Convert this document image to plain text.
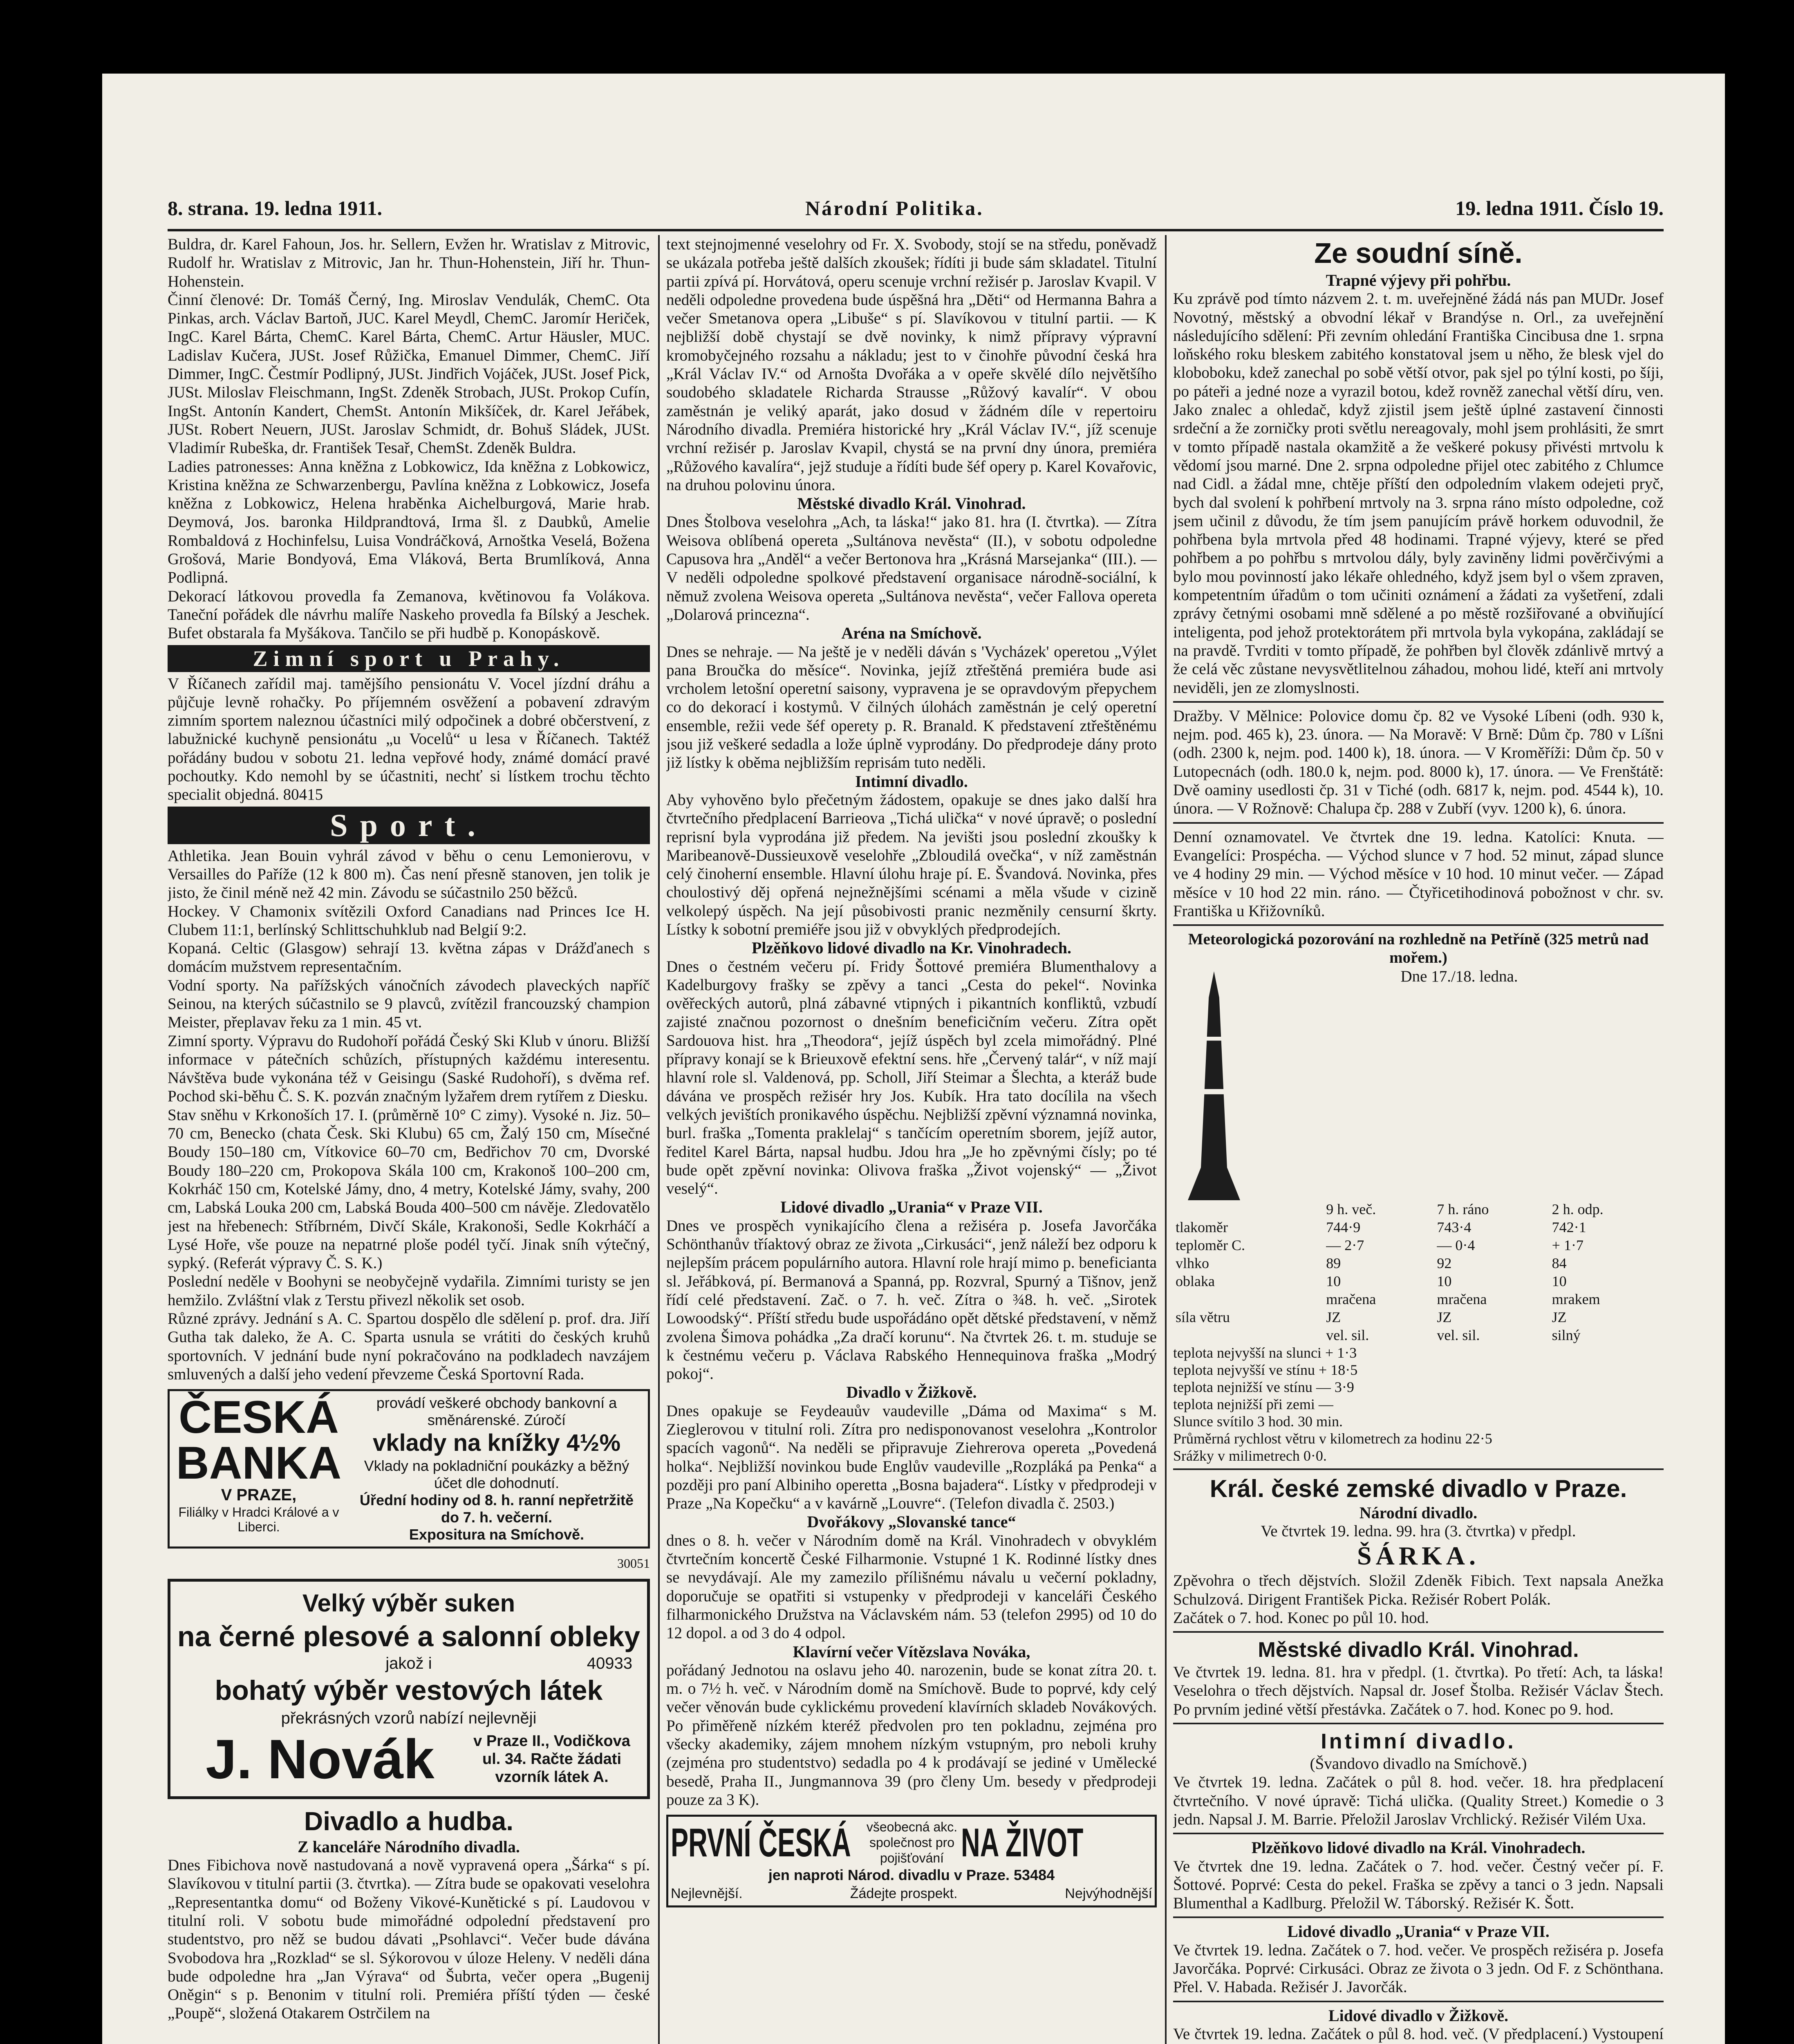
8. strana. 19. ledna 1911.	Národní Politika.	19. ledna 1911. Číslo 19.

Buldra, dr. Karel Fahoun, Jos. hr. Sellern, Evžen hr. Wratislav z Mitrovic, Rudolf hr. Wratislav z Mitrovic, Jan hr. Thun-Hohenstein, Jiří hr. Thun-Hohenstein.

Činní členové: Dr. Tomáš Černý, Ing. Miroslav Vendulák, ChemC. Ota Pinkas, arch. Václav Bartoň, JUC. Karel Meydl, ChemC. Jaromír Heriček, IngC. Karel Bárta, ChemC. Karel Bárta, ChemC. Artur Häusler, MUC. Ladislav Kučera, JUSt. Josef Růžička, Emanuel Dimmer, ChemC. Jiří Dimmer, IngC. Čestmír Podlipný, JUSt. Jindřich Vojáček, JUSt. Josef Pick, JUSt. Miloslav Fleischmann, IngSt. Zdeněk Strobach, JUSt. Prokop Cufín, IngSt. Antonín Kandert, ChemSt. Antonín Mikšíček, dr. Karel Jeřábek, JUSt. Robert Neuern, JUSt. Jaroslav Schmidt, dr. Bohuš Sládek, JUSt. Vladimír Rubeška, dr. František Tesař, ChemSt. Zdeněk Buldra.

Ladies patronesses: Anna kněžna z Lobkowicz, Ida kněžna z Lobkowicz, Kristina kněžna ze Schwarzenbergu, Pavlína kněžna z Lobkowicz, Josefa kněžna z Lobkowicz, Helena hraběnka Aichelburgová, Marie hrab. Deymová, Jos. baronka Hildprandtová, Irma šl. z Daubků, Amelie Rombaldová z Hochinfelsu, Luisa Vondráčková, Arnoštka Veselá, Božena Grošová, Marie Bondyová, Ema Vláková, Berta Brumlíková, Anna Podlipná.

Dekorací látkovou provedla fa Zemanova, květinovou fa Volákova. Taneční pořádek dle návrhu malíře Naskeho provedla fa Bílský a Jeschek. Bufet obstarala fa Myšákova. Tančilo se při hudbě p. Konopáskově.

Zimní sport u Prahy.

V Říčanech zařídil maj. tamějšího pensionátu V. Vocel jízdní dráhu a půjčuje levně rohačky. Po příjemném osvěžení a pobavení zdravým zimním sportem naleznou účastníci milý odpočinek a dobré občerstvení, z labužnické kuchyně pensionátu „u Vocelů“ u lesa v Říčanech. Taktéž pořádány budou v sobotu 21. ledna vepřové hody, známé domácí pravé pochoutky. Kdo nemohl by se účastniti, nechť si lístkem trochu těchto specialit objedná. 80415

Sport.

Athletika. Jean Bouin vyhrál závod v běhu o cenu Lemonierovu, v Versailles do Paříže (12 k 800 m). Čas není přesně stanoven, jen tolik je jisto, že činil méně než 42 min. Závodu se súčastnilo 250 běžců.

Hockey. V Chamonix svítězili Oxford Canadians nad Princes Ice H. Clubem 11:1, berlínský Schlittschuhklub nad Belgií 9:2.

Kopaná. Celtic (Glasgow) sehrají 13. května zápas v Drážďanech s domácím mužstvem representačním.

Vodní sporty. Na pařížských vánočních závodech plaveckých napříč Seinou, na kterých súčastnilo se 9 plavců, zvítězil francouzský champion Meister, přeplavav řeku za 1 min. 45 vt.

Zimní sporty. Výpravu do Rudohoří pořádá Český Ski Klub v únoru. Bližší informace v pátečních schůzích, přístupných každému interesentu. Návštěva bude vykonána též v Geisingu (Saské Rudohoří), s dvěma ref. Pochod ski-běhu Č. S. K. pozván značným lyžařem drem rytířem z Diesku.

Stav sněhu v Krkonoších 17. I. (průměrně 10° C zimy). Vysoké n. Jiz. 50–70 cm, Benecko (chata Česk. Ski Klubu) 65 cm, Žalý 150 cm, Mísečné Boudy 150–180 cm, Vítkovice 60–70 cm, Bedřichov 70 cm, Dvorské Boudy 180–220 cm, Prokopova Skála 100 cm, Krakonoš 100–200 cm, Kokrháč 150 cm, Kotelské Jámy, dno, 4 metry, Kotelské Jámy, svahy, 200 cm, Labská Louka 200 cm, Labská Bouda 400–500 cm návěje. Zledovatělo jest na hřebenech: Stříbrném, Divčí Skále, Krakonoši, Sedle Kokrháčí a Lysé Hoře, vše pouze na nepatrné ploše podél tyčí. Jinak sníh výtečný, sypký. (Referát výpravy Č. S. K.)

Poslední neděle v Boohyni se neobyčejně vydařila. Zimními turisty se jen hemžilo. Zvláštní vlak z Terstu přivezl několik set osob.

Různé zprávy. Jednání s A. C. Spartou dospělo dle sdělení p. prof. dra. Jiří Gutha tak daleko, že A. C. Sparta usnula se vrátiti do českých kruhů sportovních. V jednání bude nyní pokračováno na podkladech navzájem smluvených a další jeho vedení převzeme Česká Sportovní Rada.

ČESKÁ
BANKA
V PRAZE,
Filiálky v Hradci Králové a v Liberci.
provádí veškeré obchody bankovní a směnárenské. Zúročí
vklady na knížky 4½%
Vklady na pokladniční poukázky a běžný účet dle dohodnutí.
Úřední hodiny od 8. h. ranní nepřetržitě do 7. h. večerní.
Expositura na Smíchově.
30051
Velký výběr suken
na černé plesové a salonní obleky
jakož i	40933
bohatý výběr vestových látek
překrásných vzorů nabízí nejlevněji
J. Novák	v Praze II., Vodičkova ul. 34. Račte žádati vzorník látek A.
Divadlo a hudba.
Z kanceláře Národního divadla.

Dnes Fibichova nově nastudovaná a nově vypravená opera „Šárka“ s pí. Slavíkovou v titulní partii (3. čtvrtka). — Zítra bude se opakovati veselohra „Representantka domu“ od Boženy Vikové-Kunětické s pí. Laudovou v titulní roli. V sobotu bude mimořádné odpolední představení pro studentstvo, pro něž se budou dávati „Psohlavci“. Večer bude dávána Svobodova hra „Rozklad“ se sl. Sýkorovou v úloze Heleny. V neděli dána bude odpoledne hra „Jan Výrava“ od Šubrta, večer opera „Bugenij Oněgin“ s p. Benonim v titulní roli. Premiéra příští týden — české „Poupě“, složená Otakarem Ostrčilem na

text stejnojmenné veselohry od Fr. X. Svobody, stojí se na středu, poněvadž se ukázala potřeba ještě dalších zkoušek; řídíti ji bude sám skladatel. Titulní partii zpívá pí. Horvátová, operu scenuje vrchní režisér p. Jaroslav Kvapil. V neděli odpoledne provedena bude úspěšná hra „Děti“ od Hermanna Bahra a večer Smetanova opera „Libuše“ s pí. Slavíkovou v titulní partii. — K nejbližší době chystají se dvě novinky, k nimž přípravy výpravní kromobyčejného rozsahu a nákladu; jest to v činohře původní česká hra „Král Václav IV.“ od Arnošta Dvořáka a v opeře skvělé dílo největšího soudobého skladatele Richarda Strausse „Růžový kavalír“. V obou zaměstnán je veliký aparát, jako dosud v žádném díle v repertoiru Národního divadla. Premiéra historické hry „Král Václav IV.“, jíž scenuje vrchní režisér p. Jaroslav Kvapil, chystá se na první dny února, premiéra „Růžového kavalíra“, jejž studuje a řídíti bude šéf opery p. Karel Kovařovic, na druhou polovinu února.

Městské divadlo Král. Vinohrad.

Dnes Štolbova veselohra „Ach, ta láska!“ jako 81. hra (I. čtvrtka). — Zítra Weisova oblíbená opereta „Sultánova nevěsta“ (II.), v sobotu odpoledne Capusova hra „Anděl“ a večer Bertonova hra „Krásná Marsejanka“ (III.). — V neděli odpoledne spolkové představení organisace národně-sociální, k němuž zvolena Weisova opereta „Sultánova nevěsta“, večer Fallova opereta „Dolarová princezna“.

Aréna na Smíchově.

Dnes se nehraje. — Na ještě je v neděli dáván s 'Vycházek' operetou „Výlet pana Broučka do měsíce“. Novinka, jejíž ztřeštěná premiéra bude asi vrcholem letošní operetní saisony, vypravena je se opravdovým přepychem co do dekorací i kostymů. V čilných úlohách zaměstnán je celý operetní ensemble, režii vede šéf operety p. R. Branald. K představení ztřeštěnému jsou již veškeré sedadla a lože úplně vyprodány. Do předprodeje dány proto již lístky k oběma nejbližším reprisám tuto neděli.

Intimní divadlo.

Aby vyhověno bylo přečetným žádostem, opakuje se dnes jako další hra čtvrtečního předplacení Barrieova „Tichá ulička“ v nové úpravě; o poslední reprisní byla vyprodána již předem. Na jevišti jsou poslední zkoušky k Maribeanově-Dussieuxově veselohře „Zbloudilá ovečka“, v níž zaměstnán celý činoherní ensemble. Hlavní úlohu hraje pí. E. Švandová. Novinka, přes choulostivý děj opřená nejnežnějšími scénami a měla všude v cizině velkolepý úspěch. Na její působivosti pranic nezměnily censurní škrty. Lístky k sobotní premiéře jsou již v obvyklých předprodejích.

Plzěňkovo lidové divadlo na Kr. Vinohradech.

Dnes o čestném večeru pí. Fridy Šottové premiéra Blumenthalovy a Kadelburgovy frašky se zpěvy a tanci „Cesta do pekel“. Novinka ověřeckých autorů, plná zábavné vtipných i pikantních konfliktů, vzbudí zajisté značnou pozornost o dnešním beneficičním večeru. Zítra opět Sardouova hist. hra „Theodora“, jejíž úspěch byl zcela mimořádný. Plné přípravy konají se k Brieuxově efektní sens. hře „Červený talár“, v níž mají hlavní role sl. Valdenová, pp. Scholl, Jiří Steimar a Šlechta, a kteráž bude dávána ve prospěch režisér hry Jos. Kubík. Hra tato docílila na všech velkých jevištích pronikavého úspěchu. Nejbližší zpěvní významná novinka, burl. fraška „Tomenta praklelaj“ s tančícím operetním sborem, jejíž autor, ředitel Karel Bárta, napsal hudbu. Jdou hra „Je ho zpěvnými čísly; po té bude opět zpěvní novinka: Olivova fraška „Život vojenský“ — „Život veselý“.

Lidové divadlo „Urania“ v Praze VII.

Dnes ve prospěch vynikajícího člena a režiséra p. Josefa Javorčáka Schönthanův tříaktový obraz ze života „Cirkusáci“, jenž náleží bez odporu k nejlepším prácem populárního autora. Hlavní role hrají mimo p. beneficianta sl. Jeřábková, pí. Bermanová a Spanná, pp. Rozvral, Spurný a Tišnov, jenž řídí celé představení. Zač. o 7. h. več. Zítra o ¾8. h. več. „Sirotek Lowoodský“. Příští středu bude uspořádáno opět dětské představení, v němž zvolena Šimova pohádka „Za dračí korunu“. Na čtvrtek 26. t. m. studuje se k čestnému večeru p. Václava Rabského Hennequinova fraška „Modrý pokoj“.

Divadlo v Žižkově.

Dnes opakuje se Feydeauův vaudeville „Dáma od Maxima“ s M. Zieglerovou v titulní roli. Zítra pro nedisponovanost veselohra „Kontrolor spacích vagonů“. Na neděli se připravuje Ziehrerova opereta „Povedená holka“. Nejbližší novinkou bude Englův vaudeville „Rozpláká pa Penka“ a později pro paní Albiniho operetta „Bosna bajadera“. Lístky v předprodeji v Praze „Na Kopečku“ a v kavárně „Louvre“. (Telefon divadla č. 2503.)

Dvořákovy „Slovanské tance“

dnes o 8. h. večer v Národním domě na Král. Vinohradech v obvyklém čtvrtečním koncertě České Filharmonie. Vstupné 1 K. Rodinné lístky dnes se nevydávají. Ale my zamezilo přílišnému návalu u večerní pokladny, doporučuje se opatřiti si vstupenky v předprodeji v kanceláři Českého filharmonického Družstva na Václavském nám. 53 (telefon 2995) od 10 do 12 dopol. a od 3 do 4 odpol.

Klavírní večer Vítězslava Nováka,

pořádaný Jednotou na oslavu jeho 40. narozenin, bude se konat zítra 20. t. m. o 7½ h. več. v Národním domě na Smíchově. Bude to poprvé, kdy celý večer věnován bude cyklickému provedení klavírních skladeb Novákových. Po přiměřeně nízkém kteréž předvolen pro ten pokladnu, zejména pro všecky akademiky, zájem mnohem nízkým vstupným, pro neboli kruhy (zejména pro studentstvo) sedadla po 4 k prodávají se jediné v Umělecké besedě, Praha II., Jungmannova 39 (pro členy Um. besedy v předprodeji pouze za 3 K).

PRVNÍ ČESKÁ všeobecná akc. společnost pro pojišťování NA ŽIVOT
jen naproti Národ. divadlu v Praze. 53484
Nejlevnější.	Žádejte prospekt.	Nejvýhodnější
Ze soudní síně.
Trapné výjevy při pohřbu.

Ku zprávě pod tímto názvem 2. t. m. uveřejněné žádá nás pan MUDr. Josef Novotný, městský a obvodní lékař v Brandýse n. Orl., za uveřejnění následujícího sdělení: Při zevním ohledání Františka Cincibusa dne 1. srpna loňského roku bleskem zabitého konstatoval jsem u něho, že blesk vjel do kloboboku, kdež zanechal po sobě větší otvor, pak sjel po týlní kosti, po šíji, po páteři a jedné noze a vyrazil botou, kdež rovněž zanechal větší díru, ven. Jako znalec a ohledač, když zjistil jsem ještě úplné zastavení činnosti srdeční a že zorničky proti světlu nereagovaly, mohl jsem prohlásiti, že smrt v tomto případě nastala okamžitě a že veškeré pokusy přivésti mrtvolu k vědomí jsou marné. Dne 2. srpna odpoledne přijel otec zabitého z Chlumce nad Cidl. a žádal mne, chtěje příští den odpoledním vlakem odejeti pryč, bych dal svolení k pohřbení mrtvoly na 3. srpna ráno místo odpoledne, což jsem učinil z důvodu, že tím jsem panujícím právě horkem oduvodnil, že pohřbena byla mrtvola před 48 hodinami. Trapné výjevy, které se před pohřbem a po pohřbu s mrtvolou dály, byly zaviněny lidmi pověrčivými a bylo mou povinností jako lékaře ohledného, když jsem byl o všem zpraven, kompetentním úřadům o tom učiniti oznámení a žádati za vyšetření, zdali zprávy četnými osobami mně sdělené a po městě rozšiřované a obviňující inteligenta, pod jehož protektorátem při mrtvola byla vykopána, zakládají se na pravdě. Tvrditi v tomto případě, že pohřben byl člověk zdánlivě mrtvý a že celá věc zůstane nevysvětlitelnou záhadou, mohou lidé, kteří ani mrtvoly neviděli, jen ze zlomyslnosti.

Dražby. V Mělnice: Polovice domu čp. 82 ve Vysoké Líbeni (odh. 930 k, nejm. pod. 465 k), 23. února. — Na Moravě: V Brně: Dům čp. 780 v Líšni (odh. 2300 k, nejm. pod. 1400 k), 18. února. — V Kroměříži: Dům čp. 50 v Lutopecnách (odh. 180.0 k, nejm. pod. 8000 k), 17. února. — Ve Frenštátě: Dvě oaminy usedlosti čp. 31 v Tiché (odh. 6817 k, nejm. pod. 4544 k), 10. února. — V Rožnově: Chalupa čp. 288 v Zubří (vyv. 1200 k), 6. února.

Denní oznamovatel. Ve čtvrtek dne 19. ledna. Katolíci: Knuta. — Evangelíci: Prospécha. — Východ slunce v 7 hod. 52 minut, západ slunce ve 4 hodiny 29 min. — Východ měsíce v 10 hod. 10 minut večer. — Západ měsíce v 10 hod 22 min. ráno. — Čtyřicetihodinová pobožnost v chr. sv. Františka u Křižovníků.

Meteorologická pozorování na rozhledně na Petříně (325 metrů nad mořem.)
Dne 17./18. ledna.
	9 h. več.	7 h. ráno	2 h. odp.
tlakoměr	744·9	743·4	742·1
teploměr C.	— 2·7	— 0·4	+ 1·7
vlhko	89	92	84
oblaka	10	10	10
	mračena	mračena	mrakem
síla větru	JZ	JZ	JZ
	vel. sil.	vel. sil.	silný
teplota nejvyšší na slunci + 1·3
teplota nejvyšší ve stínu + 18·5
teplota nejnižší ve stínu — 3·9
teplota nejnižší při zemi —
Slunce svítilo 3 hod. 30 min.
Průměrná rychlost větru v kilometrech za hodinu 22·5
Srážky v milimetrech 0·0.
Král. české zemské divadlo v Praze.
Národní divadlo.
Ve čtvrtek 19. ledna. 99. hra (3. čtvrtka) v předpl.
ŠÁRKA.

Zpěvohra o třech dějstvích. Složil Zdeněk Fibich. Text napsala Anežka Schulzová. Dirigent František Picka. Režisér Robert Polák.

Začátek o 7. hod. Konec po půl 10. hod.

Městské divadlo Král. Vinohrad.

Ve čtvrtek 19. ledna. 81. hra v předpl. (1. čtvrtka). Po třetí: Ach, ta láska! Veselohra o třech dějstvích. Napsal dr. Josef Štolba. Režisér Václav Štech. Po prvním jediné větší přestávka. Začátek o 7. hod. Konec po 9. hod.

Intimní divadlo.
(Švandovo divadlo na Smíchově.)

Ve čtvrtek 19. ledna. Začátek o půl 8. hod. večer. 18. hra předplacení čtvrtečního. V nové úpravě: Tichá ulička. (Quality Street.) Komedie o 3 jedn. Napsal J. M. Barrie. Přeložil Jaroslav Vrchlický. Režisér Vilém Uxa.

Plzěňkovo lidové divadlo na Král. Vinohradech.

Ve čtvrtek dne 19. ledna. Začátek o 7. hod. večer. Čestný večer pí. F. Šottové. Poprvé: Cesta do pekel. Fraška se zpěvy a tanci o 3 jedn. Napsali Blumenthal a Kadlburg. Přeložil W. Táborský. Režisér K. Šott.

Lidové divadlo „Urania“ v Praze VII.

Ve čtvrtek 19. ledna. Začátek o 7. hod. večer. Ve prospěch režiséra p. Josefa Javorčáka. Poprvé: Cirkusáci. Obraz ze života o 3 jedn. Od F. z Schönthana. Přel. V. Habada. Režisér J. Javorčák.

Lidové divadlo v Žižkově.

Ve čtvrtek 19. ledna. Začátek o půl 8. hod. več. (V předplacení.) Vystoupení
